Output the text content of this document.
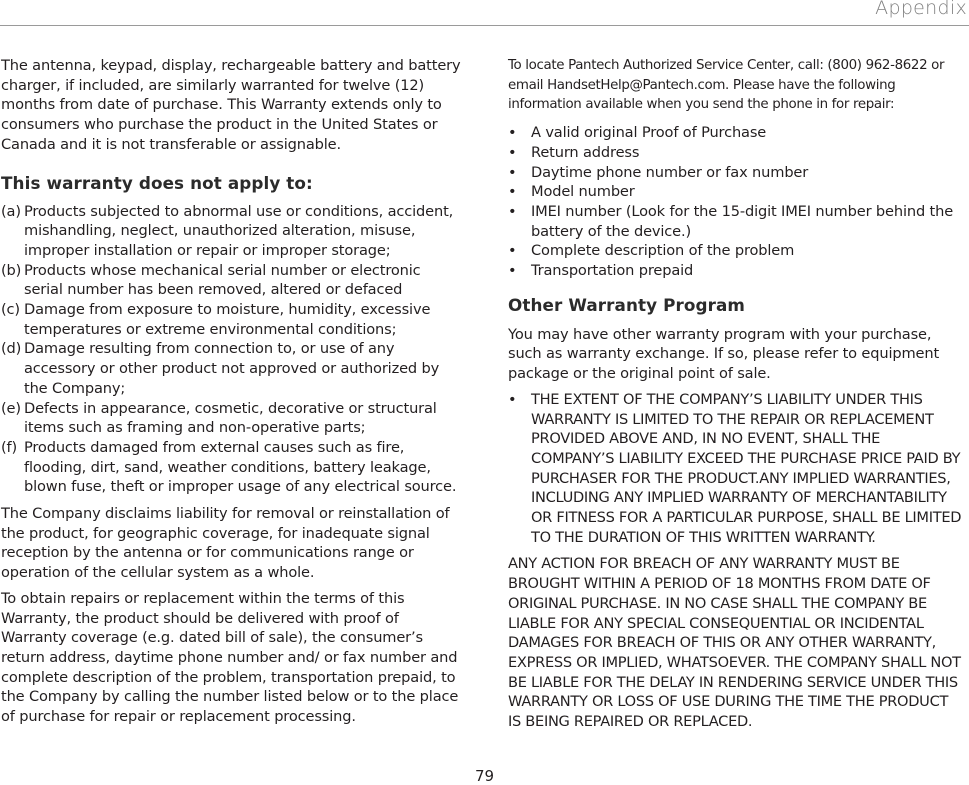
Appendix

The antenna, keypad, display, rechargeable battery and battery charger, if included, are similarly warranted for twelve (12) months from date of purchase. This Warranty extends only to consumers who purchase the product in the United States or Canada and it is not transferable or assignable.

This warranty does not apply to:
(a) Products subjected to abnormal use or conditions, accident, mishandling, neglect, unauthorized alteration, misuse, improper installation or repair or improper storage;
(b) Products whose mechanical serial number or electronic serial number has been removed, altered or defaced
(c) Damage from exposure to moisture, humidity, excessive temperatures or extreme environmental conditions;
(d) Damage resulting from connection to, or use of any accessory or other product not approved or authorized by the Company;
(e) Defects in appearance, cosmetic, decorative or structural items such as framing and non-operative parts;
(f) Products damaged from external causes such as fire, flooding, dirt, sand, weather conditions, battery leakage, blown fuse, theft or improper usage of any electrical source.

The Company disclaims liability for removal or reinstallation of the product, for geographic coverage, for inadequate signal reception by the antenna or for communications range or operation of the cellular system as a whole.

To obtain repairs or replacement within the terms of this Warranty, the product should be delivered with proof of Warranty coverage (e.g. dated bill of sale), the consumer’s return address, daytime phone number and/ or fax number and complete description of the problem, transportation prepaid, to the Company by calling the number listed below or to the place of purchase for repair or replacement processing.

To locate Pantech Authorized Service Center, call: (800) 962-8622 or email HandsetHelp@Pantech.com. Please have the following information available when you send the phone in for repair:

• A valid original Proof of Purchase
• Return address
• Daytime phone number or fax number
• Model number
• IMEI number (Look for the 15-digit IMEI number behind the battery of the device.)
• Complete description of the problem
• Transportation prepaid
Other Warranty Program

You may have other warranty program with your purchase, such as warranty exchange. If so, please refer to equipment package or the original point of sale.

•	THE EXTENT OF THE COMPANY’S LIABILITY UNDER THIS WARRANTY IS LIMITED TO THE REPAIR OR REPLACEMENT PROVIDED ABOVE AND, IN NO EVENT, SHALL THE COMPANY’S LIABILITY EXCEED THE PURCHASE PRICE PAID BY PURCHASER FOR THE PRODUCT.ANY IMPLIED WARRANTIES, INCLUDING ANY IMPLIED WARRANTY OF MERCHANTABILITY OR FITNESS FOR A PARTICULAR PURPOSE, SHALL BE LIMITED TO THE DURATION OF THIS WRITTEN WARRANTY.

ANY ACTION FOR BREACH OF ANY WARRANTY MUST BE BROUGHT WITHIN A PERIOD OF 18 MONTHS FROM DATE OF ORIGINAL PURCHASE. IN NO CASE SHALL THE COMPANY BE LIABLE FOR ANY SPECIAL CONSEQUENTIAL OR INCIDENTAL DAMAGES FOR BREACH OF THIS OR ANY OTHER WARRANTY, EXPRESS OR IMPLIED, WHATSOEVER. THE COMPANY SHALL NOT BE LIABLE FOR THE DELAY IN RENDERING SERVICE UNDER THIS WARRANTY OR LOSS OF USE DURING THE TIME THE PRODUCT IS BEING REPAIRED OR REPLACED.

79
